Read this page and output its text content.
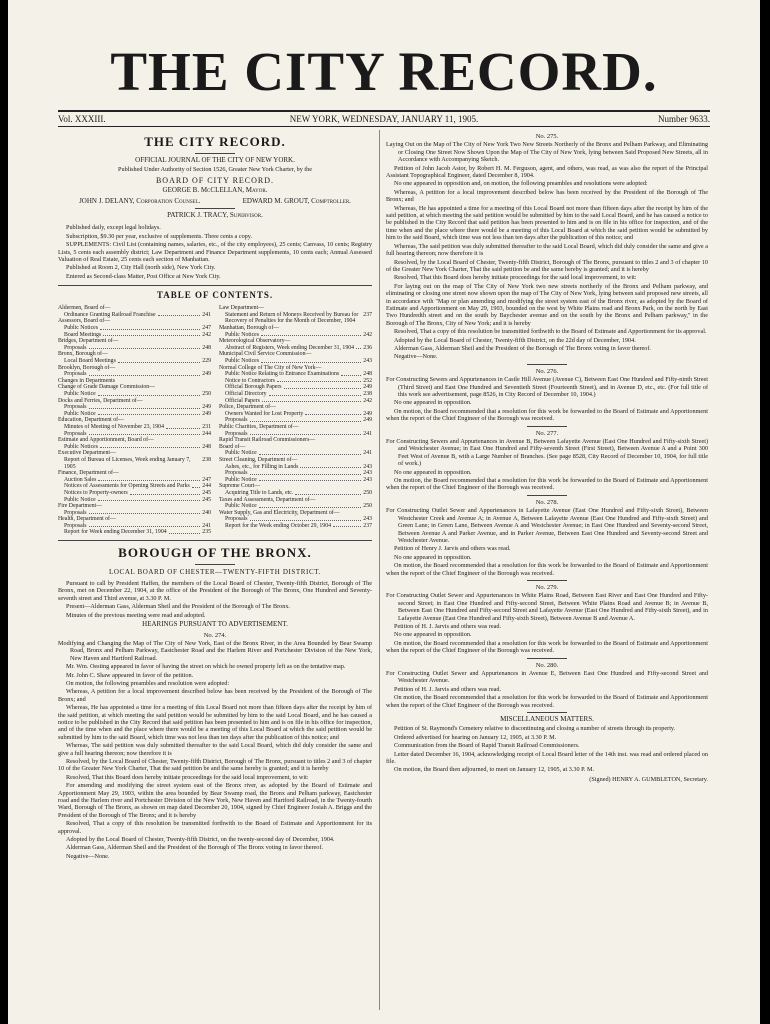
THE CITY RECORD.
Vol. XXXIII.	NEW YORK, WEDNESDAY, JANUARY 11, 1905.	Number 9633.
THE CITY RECORD.
OFFICIAL JOURNAL OF THE CITY OF NEW YORK.
Published Under Authority of Section 1526, Greater New York Charter, by the
BOARD OF CITY RECORD.
GEORGE B. McCLELLAN, Mayor.
JOHN J. DELANY, Corporation Counsel.	EDWARD M. GROUT, Comptroller.
PATRICK J. TRACY, Supervisor.

Published daily, except legal holidays.

Subscription, $9.30 per year, exclusive of supplements. Three cents a copy.

SUPPLEMENTS: Civil List (containing names, salaries, etc., of the city employees), 25 cents; Canvass, 10 cents; Registry Lists, 5 cents each assembly district; Law Department and Finance Department supplements, 10 cents each; Annual Assessed Valuation of Real Estate, 25 cents each section of Manhattan.

Published at Room 2, City Hall (north side), New York City.

Entered as Second-class Matter, Post Office at New York City.

TABLE OF CONTENTS.
Aldermen, Board of—
Ordinance Granting Railroad Franchise	241
Assessors, Board of—
Public Notices	247
Board Meetings	242
Bridges, Department of—
Proposals	248
Bronx, Borough of—
Local Board Meetings	229
Brooklyn, Borough of—
Proposals	249
Changes in Departments
Change of Grade Damage Commission—
Public Notice	250
Docks and Ferries, Department of—
Proposals	249
Public Notice	249
Education, Department of—
Minutes of Meeting of November 23, 1904	231
Proposals	244
Estimate and Apportionment, Board of—
Public Notices	248
Executive Department—
Report of Bureau of Licenses, Week ending January 7, 1905
238
Finance, Department of—
Auction Sales	247
Notices of Assessments for Opening Streets and Parks 244
Notices to Property-owners	245
Public Notice	245
Fire Department—
Proposals	240
Health, Department of—
Proposals	241
Report for Week ending December 31, 1904	235
Law Department—
Statement and Return of Moneys Received by Bureau for Recovery of Penalties for the Month of December, 1904
237
Manhattan, Borough of—
Public Notices	242
Meteorological Observatory—
Abstract of Registers, Week ending December 31, 1904 236
Municipal Civil Service Commission—
Public Notices	243
Normal College of The City of New York—
Public Notice Relating to Entrance Examinations	248
Notice to Contractors	252
Official Borough Papers	249
Official Directory	238
Official Papers	242
Police, Department of—
Owners Wanted for Lost Property	249
Proposals	249
Public Charities, Department of—
Proposals	241
Rapid Transit Railroad Commissioners—
Board of—
Public Notice	241
Street Cleaning, Department of—
Ashes, etc., for Filling in Lands	243
Proposals	243
Public Notice	243
Supreme Court—
Acquiring Title to Lands, etc.	250
Taxes and Assessments, Department of—
Public Notice	250
Water Supply, Gas and Electricity, Department of—
Proposals	243
Report for the Week ending October 29, 1904	237
BOROUGH OF THE BRONX.
LOCAL BOARD OF CHESTER—TWENTY-FIFTH DISTRICT.

Pursuant to call by President Haffen, the members of the Local Board of Chester, Twenty-fifth District, Borough of The Bronx, met on December 22, 1904, at the office of the President of the Borough of The Bronx, One Hundred and Seventy-seventh street and Third avenue, at 3.30 P. M.

Present—Alderman Gass, Alderman Sheil and the President of the Borough of The Bronx.

Minutes of the previous meeting were read and adopted.

HEARINGS PURSUANT TO ADVERTISEMENT.
No. 274.

Modifying and Changing the Map of The City of New York, East of the Bronx River, in the Area Bounded by Bear Swamp Road, Bronx and Pelham Parkway, Eastchester Road and the Harlem River and Portchester Division of the New York, New Haven and Hartford Railroad.

Mr. Wm. Oesting appeared in favor of having the street on which he owned property left as on the tentative map.

Mr. John C. Shaw appeared in favor of the petition.

On motion, the following preambles and resolution were adopted:

Whereas, A petition for a local improvement described below has been received by the President of the Borough of The Bronx; and

Whereas, He has appointed a time for a meeting of this Local Board not more than fifteen days after the receipt by him of the said petition, at which meeting the said petition would be submitted by him to the said Local Board, and he has caused a notice to be published in the City Record that said petition has been presented to him and is on file in his office for inspection, and of the time when and the place where there would be a meeting of this Local Board at which the said petition would be submitted by him to the said Board, which time was not less than ten days after the publication of this notice; and

Whereas, The said petition was duly submitted thereafter to the said Local Board, which did duly consider the same and give a full hearing thereon; now therefore it is

Resolved, by the Local Board of Chester, Twenty-fifth District, Borough of The Bronx, pursuant to titles 2 and 3 of chapter 10 of the Greater New York Charter, That the said petition be and the same hereby is granted; and it is hereby

Resolved, That this Board does hereby initiate proceedings for the said local improvement, to wit:

For amending and modifying the street system east of the Bronx river, as adopted by the Board of Estimate and Apportionment May 29, 1903, within the area bounded by Bear Swamp road, the Bronx and Pelham parkway, Eastchester road and the Harlem river and Portchester Division of the New York, New Haven and Hartford Railroad, in the Twenty-fourth Ward, Borough of The Bronx, as shown on map dated December 20, 1904, signed by Chief Engineer Josiah A. Briggs and the President of the Borough of The Bronx; and it is hereby

Resolved, That a copy of this resolution be transmitted forthwith to the Board of Estimate and Apportionment for its approval.

Adopted by the Local Board of Chester, Twenty-fifth District, on the twenty-second day of December, 1904.

Alderman Gass, Alderman Sheil and the President of the Borough of The Bronx voting in favor thereof.

Negative—None.

No. 275.

Laying Out on the Map of The City of New York Two New Streets Northerly of the Bronx and Pelham Parkway, and Eliminating or Closing One Street Now Shown Upon the Map of The City of New York, lying between Said Proposed New Streets, all in Accordance with Accompanying Sketch.

Petition of John Jacob Astor, by Robert H. M. Ferguson, agent, and others, was read, as was also the report of the Principal Assistant Topographical Engineer, dated December 8, 1904.

No one appeared in opposition and, on motion, the following preambles and resolutions were adopted:

Whereas, A petition for a local improvement described below has been received by the President of the Borough of The Bronx; and

Whereas, He has appointed a time for a meeting of this Local Board not more than fifteen days after the receipt by him of the said petition, at which meeting the said petition would be submitted by him to the said Local Board, and he has caused a notice to be published in the City Record that said petition has been presented to him and is on file in his office for inspection, and of the time when and the place where there would be a meeting of this Local Board at which the said petition would be submitted by him to the said Board, which time was not less than ten days after the publication of this notice; and

Whereas, The said petition was duly submitted thereafter to the said Local Board, which did duly consider the same and give a full hearing thereon; now therefore it is

Resolved, by the Local Board of Chester, Twenty-fifth District, Borough of The Bronx, pursuant to titles 2 and 3 of chapter 10 of the Greater New York Charter, That the said petition be and the same hereby is granted; and it is hereby

Resolved, That this Board does hereby initiate proceedings for the said local improvement, to wit:

For laying out on the map of The City of New York two new streets northerly of the Bronx and Pelham parkway, and eliminating or closing one street now shown upon the map of The City of New York, lying between said proposed new streets, all in accordance with "Map or plan amending and modifying the street system east of the Bronx river, as adopted by the Board of Estimate and Apportionment on May 29, 1903, bounded on the west by White Plains road and Bronx Park, on the north by East Two Hundredth street and on the south by Baychester avenue and on the south by the Bronx and Pelham parkway," in the Borough of The Bronx, City of New York; and it is hereby

Resolved, That a copy of this resolution be transmitted forthwith to the Board of Estimate and Apportionment for its approval.

Adopted by the Local Board of Chester, Twenty-fifth District, on the 22d day of December, 1904.

Alderman Gass, Alderman Sheil and the President of the Borough of The Bronx voting in favor thereof.

Negative—None.

No. 276.

For Constructing Sewers and Appurtenances in Castle Hill Avenue (Avenue C), Between East One Hundred and Fifty-ninth Street (Third Street) and East One Hundred and Seventieth Street (Fourteenth Street), and in Avenue D, etc., etc. (For full title of this work see advertisement, page 8526, in City Record of December 10, 1904.)

No one appeared in opposition.

On motion, the Board recommended that a resolution for this work be forwarded to the Board of Estimate and Apportionment when the report of the Chief Engineer of the Borough was received.

No. 277.

For Constructing Sewers and Appurtenances in Avenue B, Between Lafayette Avenue (East One Hundred and Fifty-sixth Street) and Westchester Avenue; in East One Hundred and Fifty-seventh Street (First Street), Between Avenue A and a Point 300 Feet West of Avenue B, with a Large Number of Branches. (See page 8528, City Record of December 10, 1904, for full title of work.)

No one appeared in opposition.

On motion, the Board recommended that a resolution for this work be forwarded to the Board of Estimate and Apportionment when the report of the Chief Engineer of the Borough was received.

No. 278.

For Constructing Outlet Sewer and Appurtenances in Lafayette Avenue (East One Hundred and Fifty-sixth Street), Between Westchester Creek and Avenue A; in Avenue A, Between Lafayette Avenue (East One Hundred and Fifty-sixth Street) and Green Lane; in Green Lane, Between Avenue A and Westchester Avenue; in East One Hundred and Seventy-second Street, Between Avenue A and Parker Avenue, and in Parker Avenue, Between East One Hundred and Seventy-second Street and Westchester Avenue.

Petition of Henry J. Jarvis and others was read.

No one appeared in opposition.

On motion, the Board recommended that a resolution for this work be forwarded to the Board of Estimate and Apportionment when the report of the Chief Engineer of the Borough was received.

No. 279.

For Constructing Outlet Sewer and Appurtenances in White Plains Road, Between East River and East One Hundred and Fifty-second Street; in East One Hundred and Fifty-second Street, Between White Plains Road and Avenue B; in Avenue B, Between East One Hundred and Fifty-second Street and Lafayette Avenue (East One Hundred and Fifty-sixth Street), and in Lafayette Avenue (East One Hundred and Fifty-sixth Street), Between Avenue B and Avenue A.

Petition of H. J. Jarvis and others was read.

No one appeared in opposition.

On motion, the Board recommended that a resolution for this work be forwarded to the Board of Estimate and Apportionment when the report of the Chief Engineer of the Borough was received.

No. 280.

For Constructing Outlet Sewer and Appurtenances in Avenue E, Between East One Hundred and Fifty-second Street and Westchester Avenue.

Petition of H. J. Jarvis and others was read.

On motion, the Board recommended that a resolution for this work be forwarded to the Board of Estimate and Apportionment when the report of the Chief Engineer of the Borough was received.

MISCELLANEOUS MATTERS.

Petition of St. Raymond's Cemetery relative to discontinuing and closing a number of streets through its property.

Ordered advertised for hearing on January 12, 1905, at 3.30 P. M.

Communication from the Board of Rapid Transit Railroad Commissioners.

Letter dated December 16, 1904, acknowledging receipt of Local Board letter of the 14th inst. was read and ordered placed on file.

On motion, the Board then adjourned, to meet on January 12, 1905, at 3.30 P. M.

(Signed) HENRY A. GUMBLETON, Secretary.
